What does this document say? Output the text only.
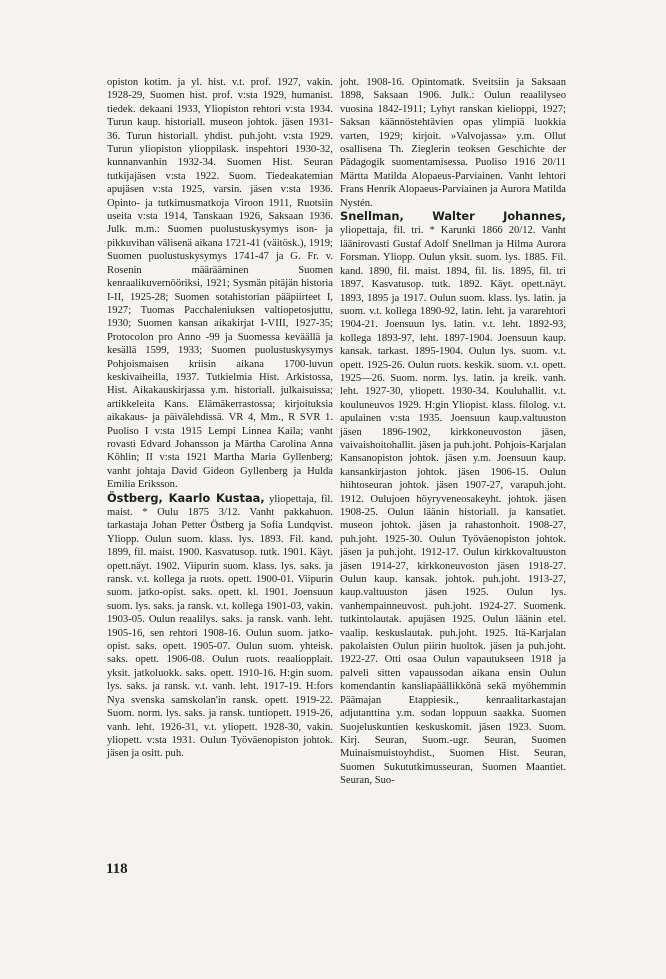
opiston kotim. ja yl. hist. v.t. prof. 1927, vakin. 1928-29, Suomen hist. prof. v:sta 1929, humanist. tiedek. dekaani 1933, Yliopiston rehtori v:sta 1934. Turun kaup. historiall. museon johtok. jäsen 1931-36. Turun historiall. yhdist. puh.joht. v:sta 1929. Turun yliopiston ylioppilask. inspehtori 1930-32, kunnanvanhin 1932-34. Suomen Hist. Seuran tutkijajäsen v:sta 1922. Suom. Tiedeakatemian apujäsen v:sta 1925, varsin. jäsen v:sta 1936. Opinto- ja tutkimusmatkoja Viroon 1911, Ruotsiin useita v:sta 1914, Tanskaan 1926, Saksaan 1936. Julk. m.m.: Suomen puolustuskysymys ison- ja pikkuvihan välisenä aikana 1721-41 (väitösk.), 1919; Suomen puolustuskysymys 1741-47 ja G. Fr. v. Rosenin määrääminen Suomen kenraalikuvernööriksi, 1921; Sysmän pitäjän historia I-II, 1925-28; Suomen sotahistorian pääpiirteet I, 1927; Tuomas Pacchaleniuksen valtiopetosjuttu, 1930; Suomen kansan aikakirjat I-VIII, 1927-35; Protocolon pro Anno -99 ja Suomessa keväällä ja kesällä 1599, 1933; Suomen puolustuskysymys Pohjoismaisen kriisin aikana 1700-luvun keskivaiheilla, 1937. Tutkielmia Hist. Arkistossa, Hist. Aikakauskirjassa y.m. historiall. julkaisuissa; artikkeleita Kans. Elämäkerrastossa; kirjoituksia aikakaus- ja päivälehdissä. VR 4, Mm., R SVR 1. Puoliso I v:sta 1915 Lempi Linnea Kaila; vanht rovasti Edvard Johansson ja Märtha Carolina Anna Köhlin; II v:sta 1921 Martha Maria Gyllenberg; vanht johtaja David Gideon Gyllenberg ja Hulda Emilia Eriksson.

Östberg, Kaarlo Kustaa, yliopettaja, fil. maist. * Oulu 1875 3/12. Vanht pakkahuon. tarkastaja Johan Petter Östberg ja Sofia Lundqvist. Yliopp. Oulun suom. klass. lys. 1893. Fil. kand. 1899, fil. maist. 1900. Kasvatusop. tutk. 1901. Käyt. opett.näyt. 1902. Viipurin suom. klass. lys. saks. ja ransk. v.t. kollega ja ruots. opett. 1900-01. Viipurin suom. jatko-opist. saks. opett. kl. 1901. Joensuun suom. lys. saks. ja ransk. v.t. kollega 1901-03, vakin. 1903-05. Oulun reaalilys. saks. ja ransk. vanh. leht. 1905-16, sen rehtori 1908-16. Oulun suom. jatko-opist. saks. opett. 1905-07. Oulun suom. yhteisk. saks. opett. 1906-08. Oulun ruots. reaaliopplait. yksit. jatkoluokk. saks. opett. 1910-16. H:gin suom. lys. saks. ja ransk. v.t. vanh. leht. 1917-19. H:fors Nya svenska samskolan'in ransk. opett. 1919-22. Suom. norm. lys. saks. ja ransk. tuntiopett. 1919-26, vanh. leht. 1926-31, v.t. yliopett. 1928-30, vakin. yliopett. v:sta 1931. Oulun Työväenopiston johtok. jäsen ja ositt. puh.

joht. 1908-16. Opintomatk. Sveitsiin ja Saksaan 1898, Saksaan 1906. Julk.: Oulun reaalilyseo vuosina 1842-1911; Lyhyt ranskan kielioppi, 1927; Saksan käännöstehtävien opas ylimpiä luokkia varten, 1929; kirjoit. »Valvojassa» y.m. Ollut osallisena Th. Zieglerin teoksen Geschichte der Pädagogik suomentamisessa. Puoliso 1916 20/11 Märtta Matilda Alopaeus-Parviainen. Vanht lehtori Frans Henrik Alopaeus-Parviainen ja Aurora Matilda Nystén.

Snellman, Walter Johannes, yliopettaja, fil. tri. * Karunki 1866 20/12. Vanht läänirovasti Gustaf Adolf Snellman ja Hilma Aurora Forsman. Yliopp. Oulun yksit. suom. lys. 1885. Fil. kand. 1890, fil. maist. 1894, fil. lis. 1895, fil. tri 1897. Kasvatusop. tutk. 1892. Käyt. opett.näyt. 1893, 1895 ja 1917. Oulun suom. klass. lys. latin. ja suom. v.t. kollega 1890-92, latin. leht. ja vararehtori 1904-21. Joensuun lys. latin. v.t. leht. 1892-93, kollega 1893-97, leht. 1897-1904. Joensuun kaup. kansak. tarkast. 1895-1904. Oulun lys. suom. v.t. opett. 1925-26. Oulun ruots. keskik. suom. v.t. opett. 1925—26. Suom. norm. lys. latin. ja kreik. vanh. leht. 1927-30, yliopett. 1930-34. Kouluhallit. v.t. kouluneuvos 1929. H:gin Yliopist. klass. filolog. v.t. apulainen v:sta 1935. Joensuun kaup.valtuuston jäsen 1896-1902, kirkkoneuvoston jäsen, vaivaishoitohallit. jäsen ja puh.joht. Pohjois-Karjalan Kansanopiston johtok. jäsen y.m. Joensuun kaup. kansankirjaston johtok. jäsen 1906-15. Oulun hiihtoseuran johtok. jäsen 1907-27, varapuh.joht. 1912. Oulujoen höyryveneosakeyht. johtok. jäsen 1908-25. Oulun läänin historiall. ja kansatiet. museon johtok. jäsen ja rahastonhoit. 1908-27, puh.joht. 1925-30. Oulun Työväenopiston johtok. jäsen ja puh.joht. 1912-17. Oulun kirkkovaltuuston jäsen 1914-27, kirkkoneuvoston jäsen 1918-27. Oulun kaup. kansak. johtok. puh.joht. 1913-27, kaup.valtuuston jäsen 1925. Oulun lys. vanhempainneuvost. puh.joht. 1924-27. Suomenk. tutkintolautak. apujäsen 1925. Oulun läänin etel. vaalip. keskuslautak. puh.joht. 1925. Itä-Karjalan pakolaisten Oulun piirin huoltok. jäsen ja puh.joht. 1922-27. Otti osaa Oulun vapautukseen 1918 ja palveli sitten vapaussodan aikana ensin Oulun komendantin kansliapäällikkönä sekä myöhemmin Päämajan Etappiesik., kenraalitarkastajan adjutanttina y.m. sodan loppuun saakka. Suomen Suojeluskuntien keskuskomit. jäsen 1923. Suom. Kirj. Seuran, Suom.-ugr. Seuran, Suomen Muinaismuistoyhdist., Suomen Hist. Seuran, Suomen Sukututkimusseuran, Suomen Maantiet. Seuran, Suo-

118
